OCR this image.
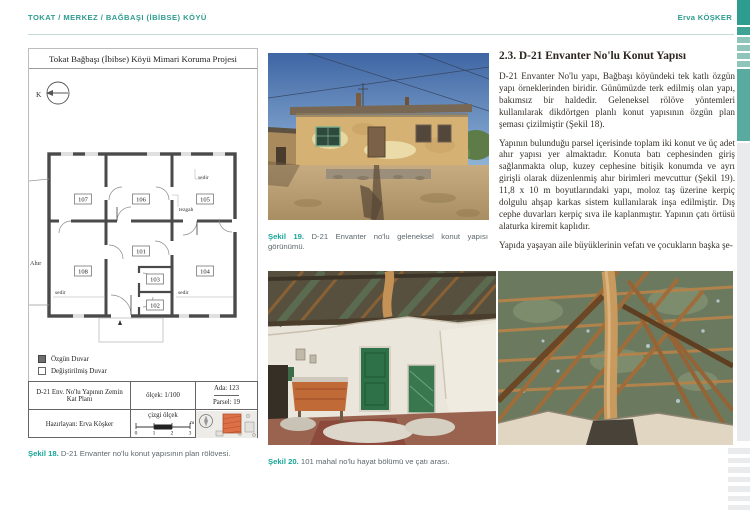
TOKAT / MERKEZ / BAĞBAŞI (İBİBSE) KÖYÜ	Erva KÖŞKER
Tokat Bağbaşı (İbibse) Köyü Mimari Koruma Projesi
K
Ahır
sedir
tezgah
sedir	sedir
107	106	105
101
108	104
103
102
Özgün Duvar
Değiştirilmiş Duvar
D-21 Env. No'lu Yapının Zemin Kat Planı	ölçek: 1/100
Ada: 123
Parsel: 19
Hazırlayan: Erva Köşker
çizgi ölçek
m
0	1	2	3

Şekil 18. D-21 Envanter no'lu konut yapısının plan rölövesi.

Şekil 19. D-21 Envanter no'lu geleneksel konut yapısı görünümü.

Şekil 20. 101 mahal no'lu hayat bölümü ve çatı arası.

2.3. D-21 Envanter No'lu Konut Yapısı

D-21 Envanter No'lu yapı, Bağbaşı köyündeki tek katlı özgün yapı örneklerinden biridir. Günümüzde terk edilmiş olan yapı, bakımsız bir haldedir. Geleneksel rölöve yöntemleri kullanılarak dikdörtgen planlı konut yapısının özgün plan şeması çizilmiştir (Şekil 18).

Yapının bulunduğu parsel içerisinde toplam iki konut ve üç adet ahır yapısı yer almaktadır. Konuta batı cephesinden giriş sağlanmakta olup, kuzey cephesine bitişik konumda ve ayrı girişli olarak düzenlenmiş ahır birimleri mevcuttur (Şekil 19). 11,8 x 10 m boyutlarındaki yapı, moloz taş üzerine kerpiç dolgulu ahşap karkas sistem kullanılarak inşa edilmiştir. Dış cephe duvarları kerpiç sıva ile kaplanmıştır. Yapının çatı örtüsü alaturka kiremit kaplıdır.

Yapıda yaşayan aile büyüklerinin vefatı ve çocukların başka şe-
